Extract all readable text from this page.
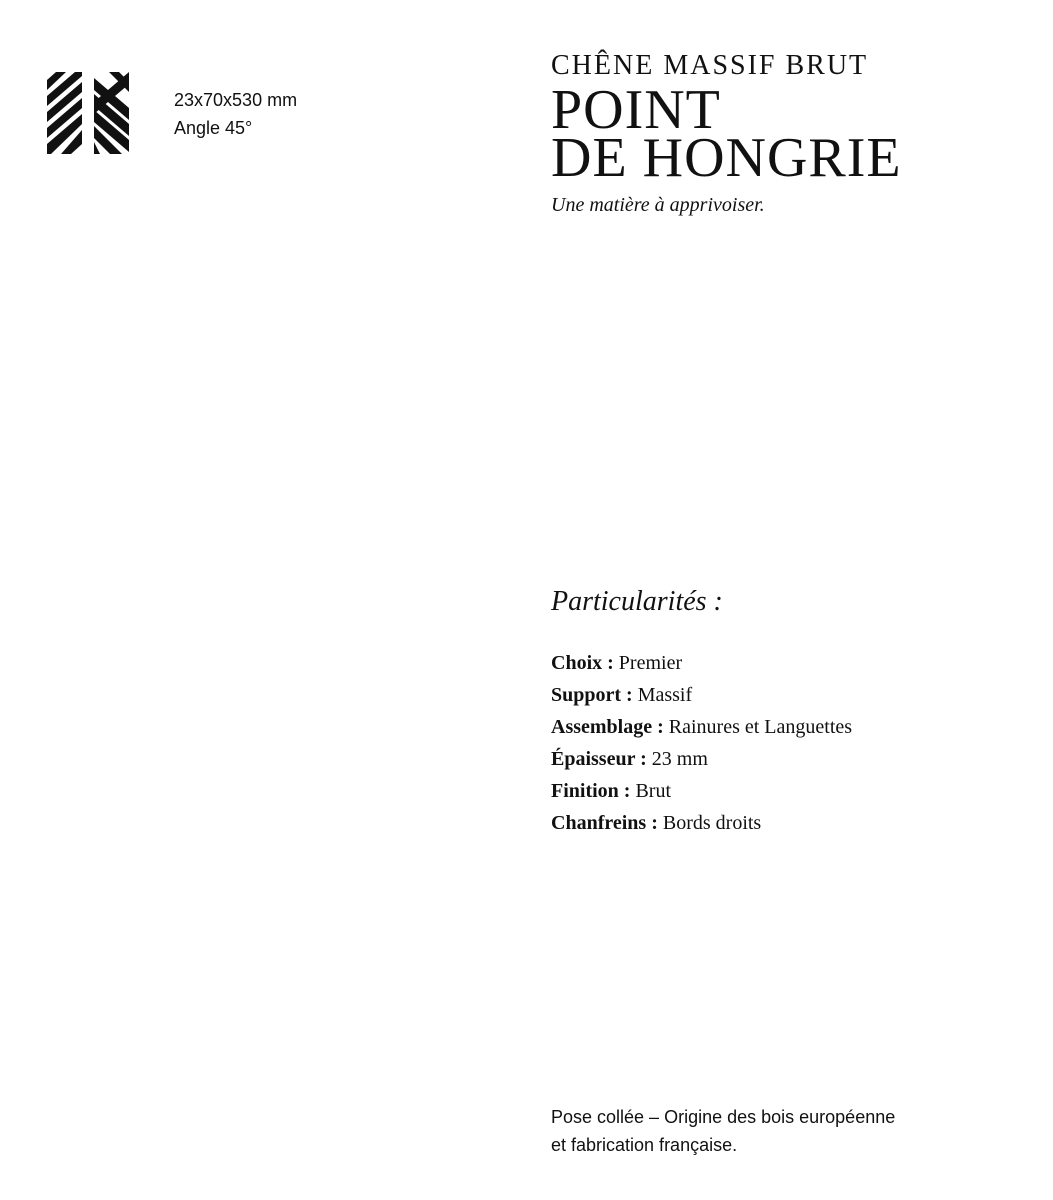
23x70x530 mm
Angle 45°
CHÊNE MASSIF BRUT
POINT
DE HONGRIE
Une matière à apprivoiser.
Particularités :
Choix : Premier
Support : Massif
Assemblage : Rainures et Languettes
Épaisseur : 23 mm
Finition : Brut
Chanfreins : Bords droits
Pose collée – Origine des bois européenne
et fabrication française.
